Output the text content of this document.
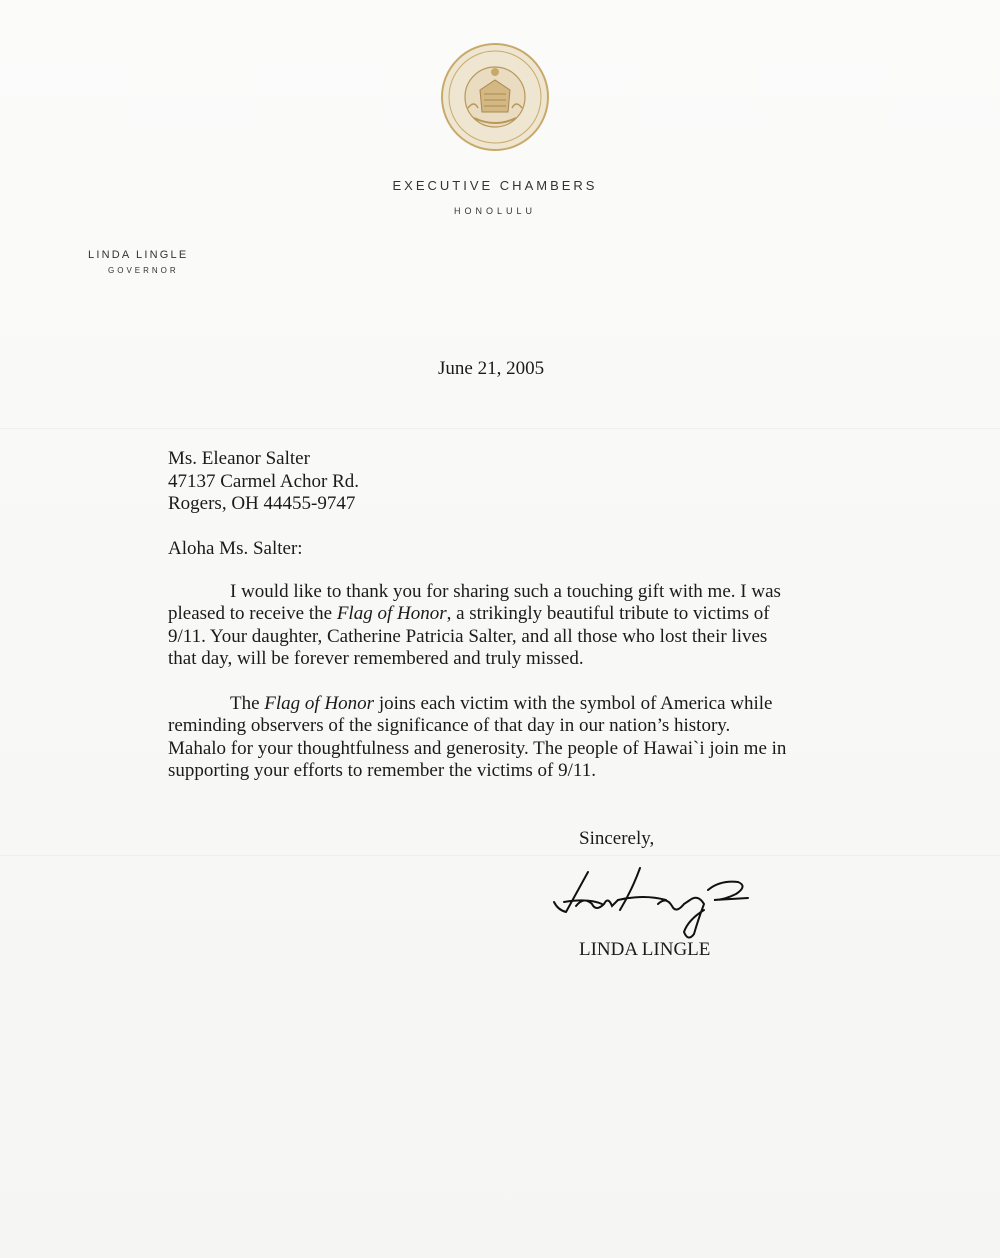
EXECUTIVE CHAMBERS
HONOLULU
LINDA LINGLE
GOVERNOR
June 21, 2005
Ms. Eleanor Salter
47137 Carmel Achor Rd.
Rogers, OH 44455-9747
Aloha Ms. Salter:
I would like to thank you for sharing such a touching gift with me. I was
pleased to receive the Flag of Honor, a strikingly beautiful tribute to victims of
9/11. Your daughter, Catherine Patricia Salter, and all those who lost their lives
that day, will be forever remembered and truly missed.
The Flag of Honor joins each victim with the symbol of America while
reminding observers of the significance of that day in our nation’s history.
Mahalo for your thoughtfulness and generosity. The people of Hawai`i join me in
supporting your efforts to remember the victims of 9/11.
Sincerely,
LINDA LINGLE
